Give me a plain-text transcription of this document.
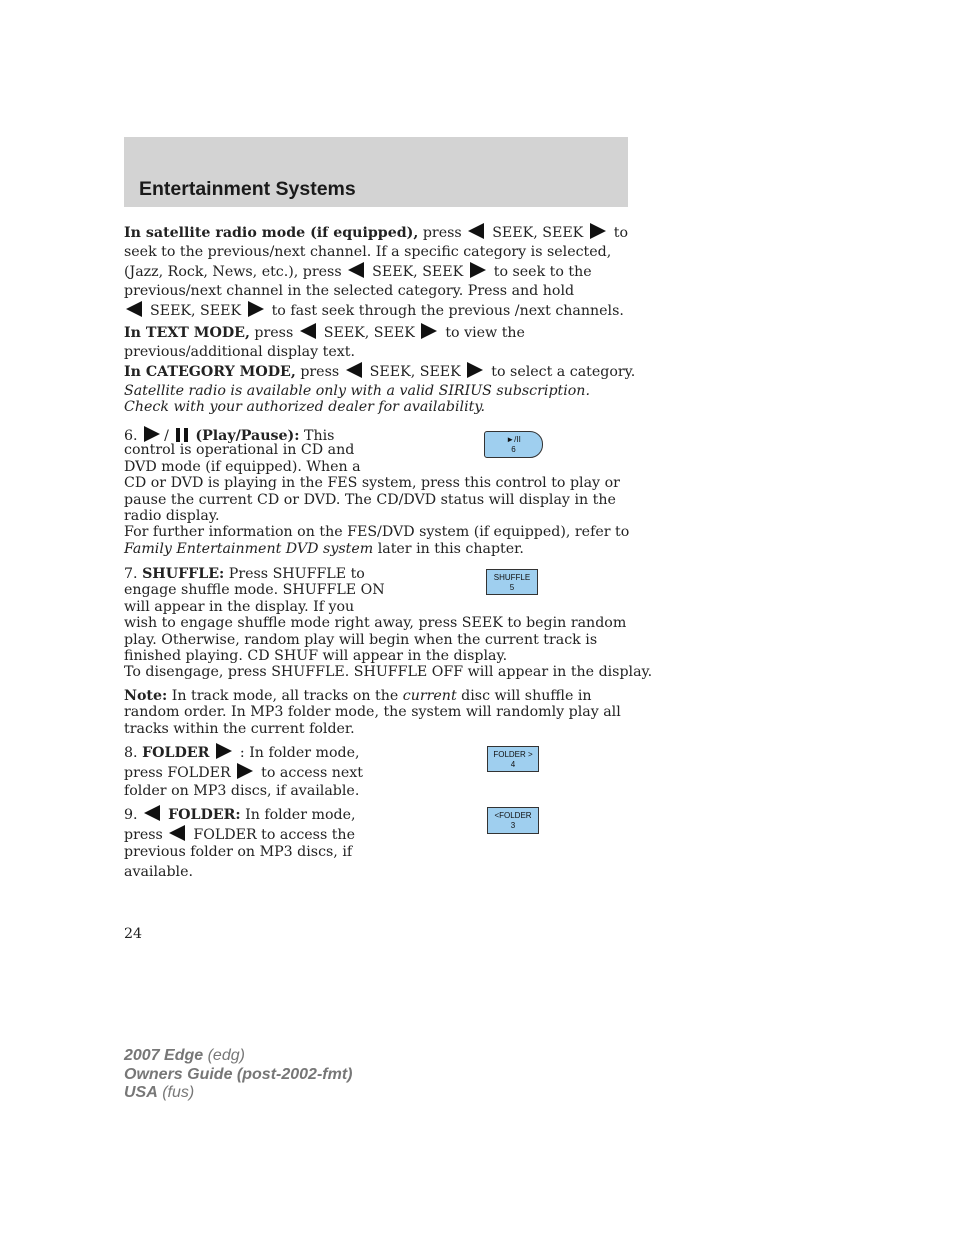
Entertainment Systems
In satellite radio mode (if equipped), press SEEK, SEEK to
seek to the previous/next channel. If a specific category is selected,
(Jazz, Rock, News, etc.), press SEEK, SEEK to seek to the
previous/next channel in the selected category. Press and hold
SEEK, SEEK to fast seek through the previous /next channels.
In TEXT MODE, press SEEK, SEEK to view the
previous/additional display text.
In CATEGORY MODE, press SEEK, SEEK to select a category.
Satellite radio is available only with a valid SIRIUS subscription.
Check with your authorized dealer for availability.
6. / (Play/Pause): This
control is operational in CD and
DVD mode (if equipped). When a
CD or DVD is playing in the FES system, press this control to play or
pause the current CD or DVD. The CD/DVD status will display in the
radio display.
For further information on the FES/DVD system (if equipped), refer to
Family Entertainment DVD system later in this chapter.
►/II
6
7. SHUFFLE: Press SHUFFLE to
engage shuffle mode. SHUFFLE ON
will appear in the display. If you
wish to engage shuffle mode right away, press SEEK to begin random
play. Otherwise, random play will begin when the current track is
finished playing. CD SHUF will appear in the display.
To disengage, press SHUFFLE. SHUFFLE OFF will appear in the display.
SHUFFLE
5
Note: In track mode, all tracks on the current disc will shuffle in
random order. In MP3 folder mode, the system will randomly play all
tracks within the current folder.
8. FOLDER : In folder mode,
press FOLDER to access next
folder on MP3 discs, if available.
FOLDER >
4
9. FOLDER: In folder mode,
press FOLDER to access the
previous folder on MP3 discs, if
available.
<FOLDER
3
24
2007 Edge (edg)
Owners Guide (post-2002-fmt)
USA (fus)
